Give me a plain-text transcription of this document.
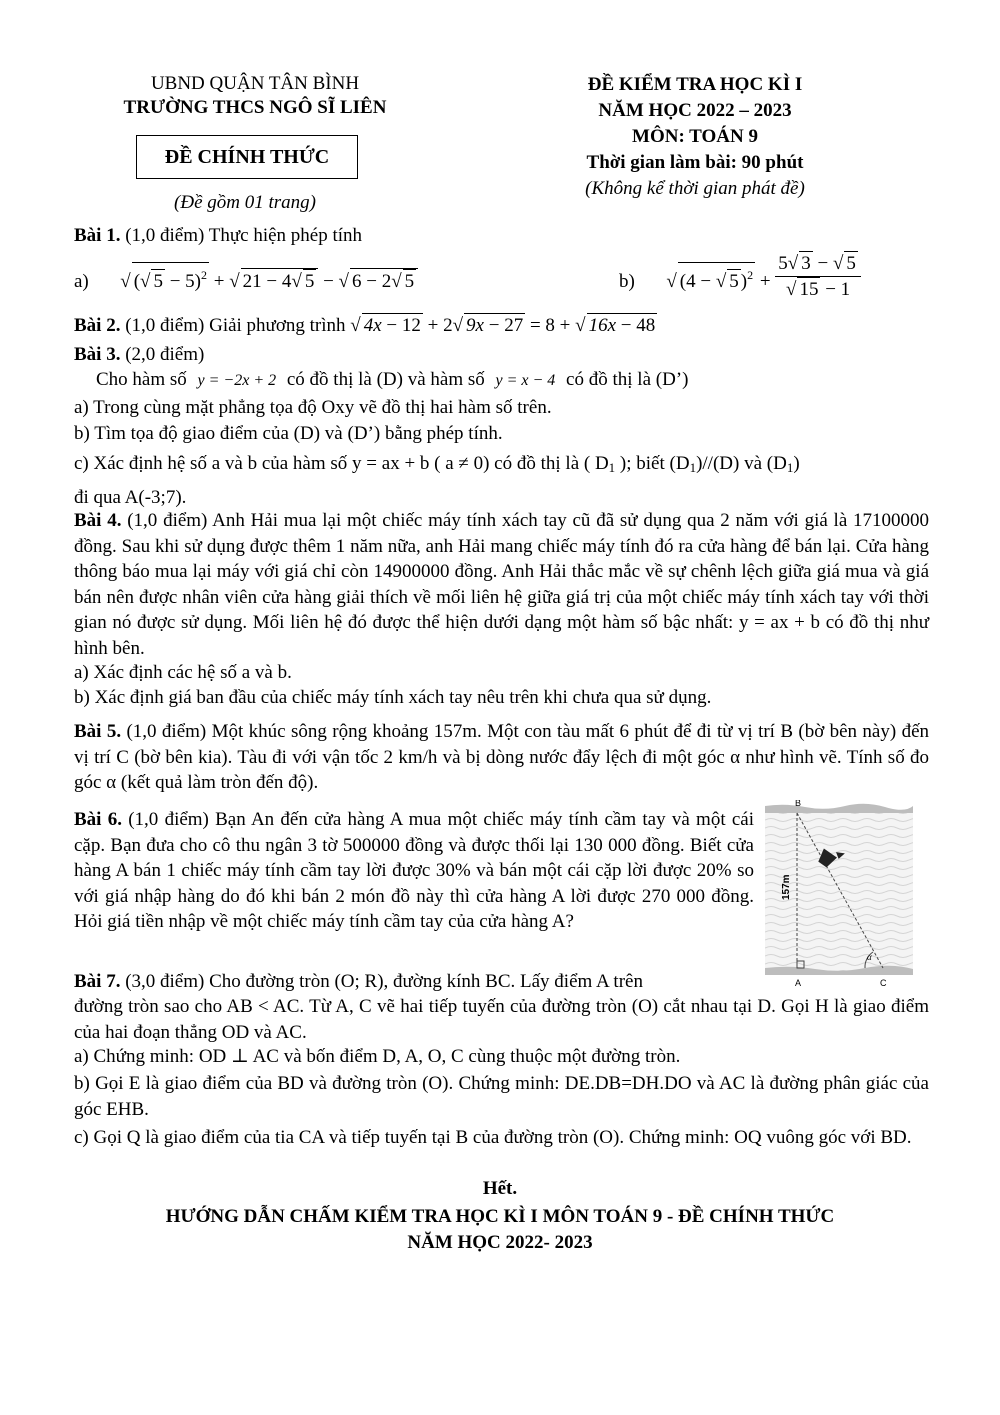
UBND QUẬN TÂN BÌNH
TRƯỜNG THCS NGÔ SĨ LIÊN
ĐỀ CHÍNH THỨC
(Đề gồm 01 trang)
ĐỀ KIỂM TRA HỌC KÌ I
NĂM HỌC 2022 – 2023
MÔN: TOÁN 9
Thời gian làm bài: 90 phút
(Không kể thời gian phát đề)
Bài 1. (1,0 điểm) Thực hiện phép tính
a) √ (√ 5 − 5)$^2$ + √ 21 − 4√ 5 − √ 6 − 2√ 5	b) √ (4 − √ 5 )$^2 + \frac{5√ 3 - √ 5}{√ 15 - 1}$
Bài 2. (1,0 điểm) Giải phương trình √ 4x − 12 + 2√ 9x − 27 = 8 + √ 16x − 48
Bài 3. (2,0 điểm)
Cho hàm số y = −2x + 2 có đồ thị là (D) và hàm số y = x − 4 có đồ thị là (D’)
a) Trong cùng mặt phẳng tọa độ Oxy vẽ đồ thị hai hàm số trên.
b) Tìm tọa độ giao điểm của (D) và (D’) bằng phép tính.
c) Xác định hệ số a và b của hàm số y = ax + b ( a ≠ 0) có đồ thị là ( $D_1$ ); biết $(D_1)//(D)$ và $(D_1)$
đi qua A(-3;7).
Bài 4. (1,0 điểm) Anh Hải mua lại một chiếc máy tính xách tay cũ đã sử dụng qua 2 năm với giá là 17100000 đồng. Sau khi sử dụng được thêm 1 năm nữa, anh Hải mang chiếc máy tính đó ra cửa hàng để bán lại. Cửa hàng thông báo mua lại máy với giá chỉ còn 14900000 đồng. Anh Hải thắc mắc về sự chênh lệch giữa giá mua và giá bán nên được nhân viên cửa hàng giải thích về mối liên hệ giữa giá trị của một chiếc máy tính xách tay với thời gian nó được sử dụng. Mối liên hệ đó được thể hiện dưới dạng một hàm số bậc nhất: y = ax + b có đồ thị như hình bên.
a) Xác định các hệ số a và b.
b) Xác định giá ban đầu của chiếc máy tính xách tay nêu trên khi chưa qua sử dụng.
Bài 5. (1,0 điểm) Một khúc sông rộng khoảng 157m. Một con tàu mất 6 phút để đi từ vị trí B (bờ bên này) đến vị trí C (bờ bên kia). Tàu đi với vận tốc 2 km/h và bị dòng nước đẩy lệch đi một góc α như hình vẽ. Tính số đo góc α (kết quả làm tròn đến độ).
Bài 6. (1,0 điểm) Bạn An đến cửa hàng A mua một chiếc máy tính cầm tay và một cái cặp. Bạn đưa cho cô thu ngân 3 tờ 500000 đồng và được thối lại 130 000 đồng. Biết cửa hàng A bán 1 chiếc máy tính cầm tay lời được 30% và bán một cái cặp lời được 20% so với giá nhập hàng do đó khi bán 2 món đồ này thì cửa hàng A lời được 270 000 đồng. Hỏi giá tiền nhập về một chiếc máy tính cầm tay của cửa hàng A?
B
A	C
α
157m
Bài 7. (3,0 điểm) Cho đường tròn (O; R), đường kính BC. Lấy điểm A trên
đường tròn sao cho AB < AC. Từ A, C vẽ hai tiếp tuyến của đường tròn (O) cắt nhau tại D. Gọi H là giao điểm của hai đoạn thẳng OD và AC.
a) Chứng minh: OD ⊥ AC và bốn điểm D, A, O, C cùng thuộc một đường tròn.
b) Gọi E là giao điểm của BD và đường tròn (O). Chứng minh: DE.DB=DH.DO và AC là đường phân giác của góc EHB.
c) Gọi Q là giao điểm của tia CA và tiếp tuyến tại B của đường tròn (O). Chứng minh: OQ vuông góc với BD.
Hết.
HƯỚNG DẪN CHẤM KIỂM TRA HỌC KÌ I MÔN TOÁN 9 - ĐỀ CHÍNH THỨC
NĂM HỌC 2022- 2023
